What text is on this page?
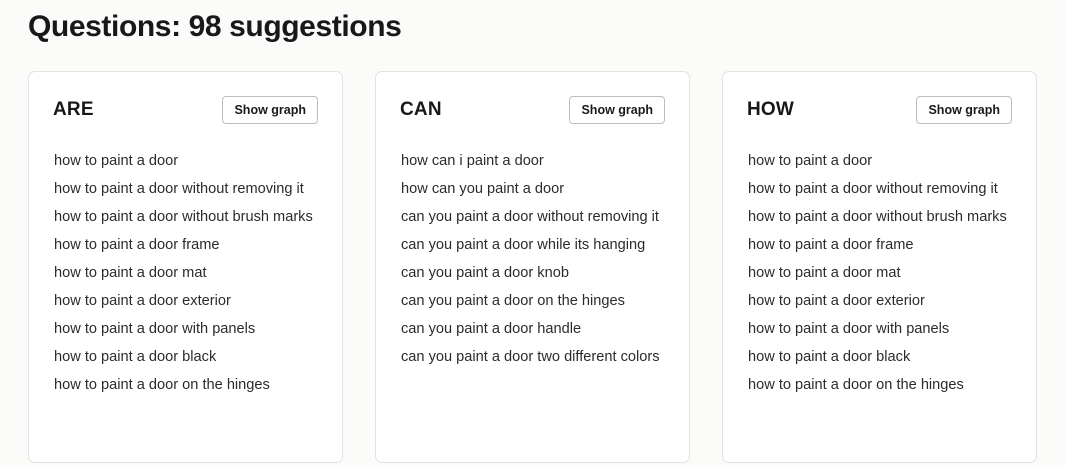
Questions: 98 suggestions
ARE	Show graph
how to paint a door
how to paint a door without removing it
how to paint a door without brush marks
how to paint a door frame
how to paint a door mat
how to paint a door exterior
how to paint a door with panels
how to paint a door black
how to paint a door on the hinges
CAN	Show graph
how can i paint a door
how can you paint a door
can you paint a door without removing it
can you paint a door while its hanging
can you paint a door knob
can you paint a door on the hinges
can you paint a door handle
can you paint a door two different colors
HOW	Show graph
how to paint a door
how to paint a door without removing it
how to paint a door without brush marks
how to paint a door frame
how to paint a door mat
how to paint a door exterior
how to paint a door with panels
how to paint a door black
how to paint a door on the hinges
